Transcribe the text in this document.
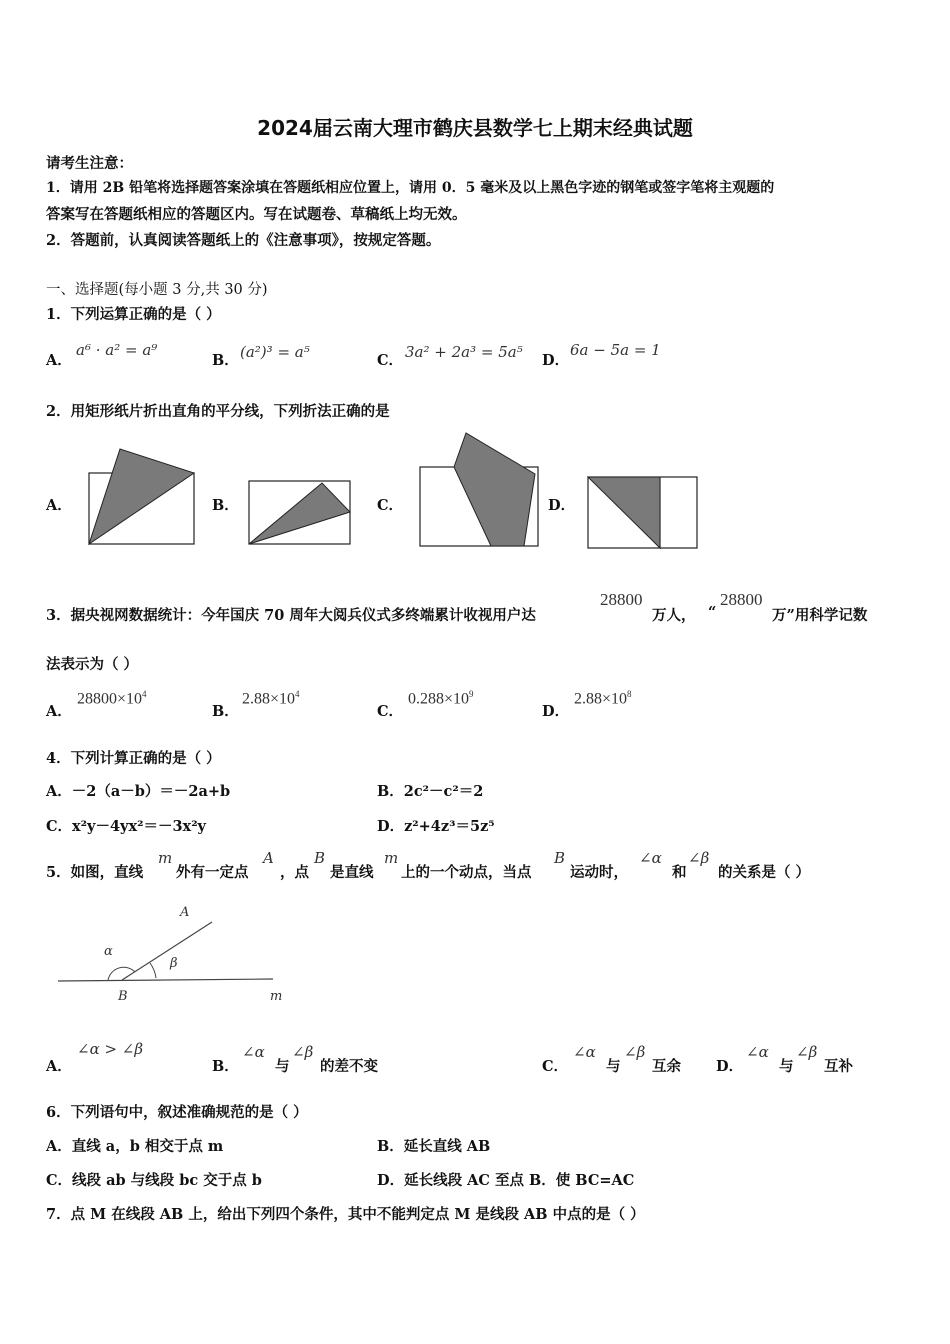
2024届云南大理市鹤庆县数学七上期末经典试题
请考生注意：
1．请用 2B 铅笔将选择题答案涂填在答题纸相应位置上，请用 0．5 毫米及以上黑色字迹的钢笔或签字笔将主观题的
答案写在答题纸相应的答题区内。写在试题卷、草稿纸上均无效。
2．答题前，认真阅读答题纸上的《注意事项》，按规定答题。
一、选择题(每小题 3 分,共 30 分)
1．下列运算正确的是（ ）
A．
a⁶ · a² = a⁹
B． (a²)³ = a⁵	C． 3a² + 2a³ = 5a⁵ D．
6a − 5a = 1
2．用矩形纸片折出直角的平分线，下列折法正确的是
A．	B．	C．	D．
3．据央视网数据统计：今年国庆 70 周年大阅兵仪式多终端累计收视用户达
28800
万人， “
28800
万”用科学记数
法表示为（ ）
A．
$28800\times 10^4$
B．
$2.88\times 10^4$
C．
$0.288\times 10^9$
D．
$2.88\times 10^8$
4．下列计算正确的是（ ）
A．－2（a－b）＝－2a+b	B．2c²－c²＝2
C．x²y－4yx²＝－3x²y	D．z²+4z³＝5z⁵
5．如图，直线
m
外有一定点
A
，点
B
是直线
m
上的一个动点，当点
B
运动时，
∠α
和
∠β
的关系是（ ）
A
α
β
B	m
A．
∠α > ∠β
B．
∠α
与
∠β
的差不变	C．
∠α
与
∠β
互余 D．
∠α
与
∠β
互补
6．下列语句中，叙述准确规范的是（ ）
A．直线 a，b 相交于点 m	B．延长直线 AB
C．线段 ab 与线段 bc 交于点 b	D．延长线段 AC 至点 B．使 BC=AC
7．点 M 在线段 AB 上，给出下列四个条件，其中不能判定点 M 是线段 AB 中点的是（ ）
